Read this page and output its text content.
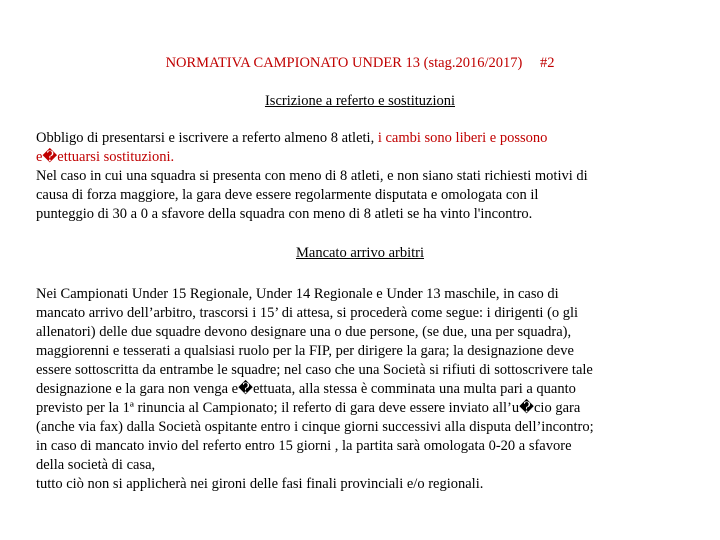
NORMATIVA CAMPIONATO UNDER 13 (stag.2016/2017) #2
Iscrizione a referto e sostituzioni
Obbligo di presentarsi e iscrivere a referto almeno 8 atleti, i cambi sono liberi e possono
e�ettuarsi sostituzioni.
Nel caso in cui una squadra si presenta con meno di 8 atleti, e non siano stati richiesti motivi di
causa di forza maggiore, la gara deve essere regolarmente disputata e omologata con il
punteggio di 30 a 0 a sfavore della squadra con meno di 8 atleti se ha vinto l'incontro.
Mancato arrivo arbitri
Nei Campionati Under 15 Regionale, Under 14 Regionale e Under 13 maschile, in caso di
mancato arrivo dell’arbitro, trascorsi i 15’ di attesa, si procederà come segue: i dirigenti (o gli
allenatori) delle due squadre devono designare una o due persone, (se due, una per squadra),
maggiorenni e tesserati a qualsiasi ruolo per la FIP, per dirigere la gara; la designazione deve
essere sottoscritta da entrambe le squadre; nel caso che una Società si rifiuti di sottoscrivere tale
designazione e la gara non venga e�ettuata, alla stessa è comminata una multa pari a quanto
previsto per la 1ª rinuncia al Campionato; il referto di gara deve essere inviato all’u�cio gara
(anche via fax) dalla Società ospitante entro i cinque giorni successivi alla disputa dell’incontro;
in caso di mancato invio del referto entro 15 giorni , la partita sarà omologata 0-20 a sfavore
della società di casa,
tutto ciò non si applicherà nei gironi delle fasi finali provinciali e/o regionali.
